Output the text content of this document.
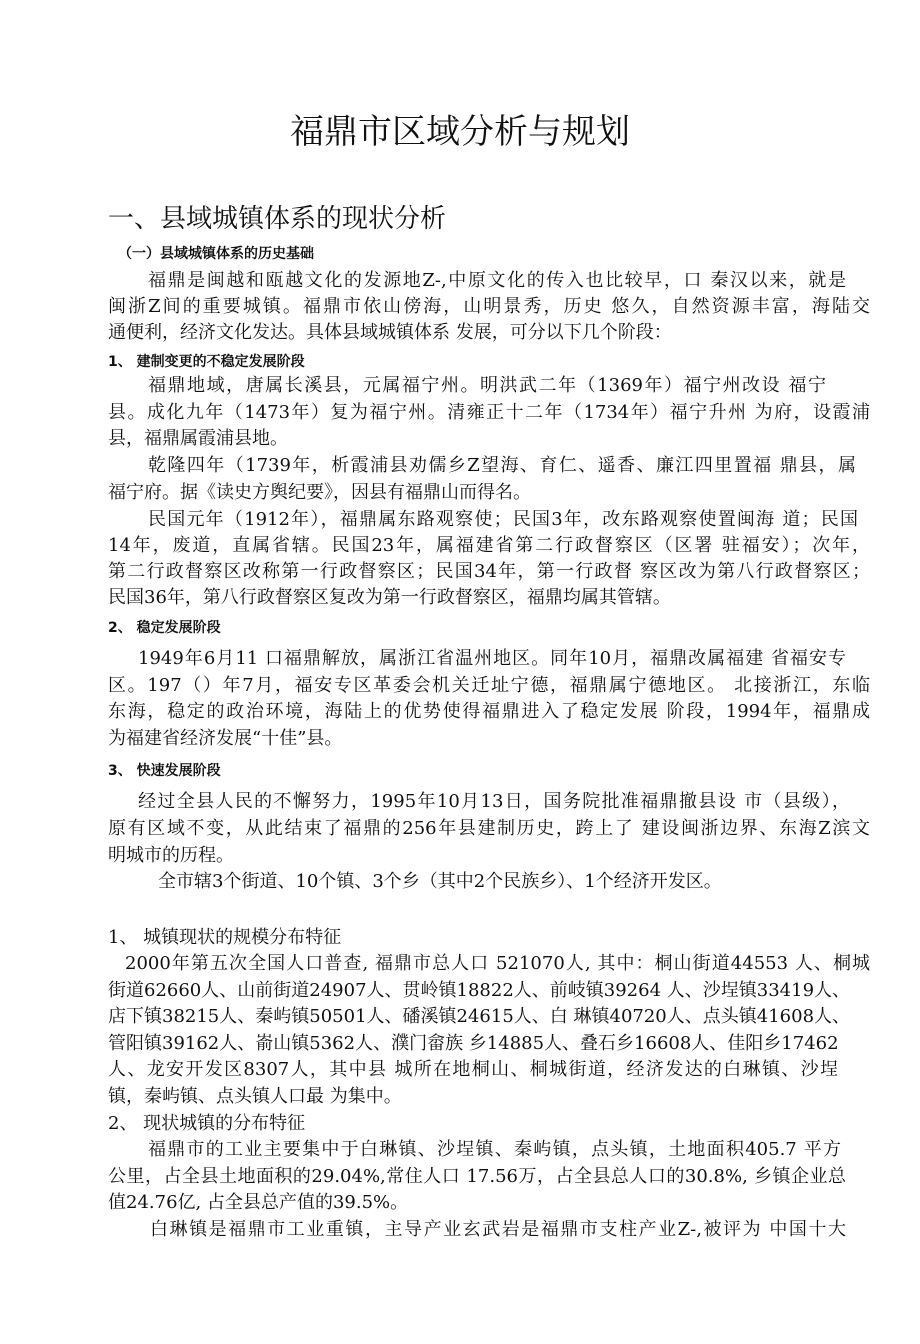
福鼎市区域分析与规划
一、县域城镇体系的现状分析
（一）县域城镇体系的历史基础
福鼎是闽越和瓯越文化的发源地Z-,中原文化的传入也比较早，口 秦汉以来，就是
闽浙Z间的重要城镇。福鼎市依山傍海，山明景秀，历史 悠久，自然资源丰富，海陆交
通便利，经济文化发达。具体县域城镇体系 发展，可分以下几个阶段：
1、 建制变更的不稳定发展阶段
福鼎地域，唐属长溪县，元属福宁州。明洪武二年（1369年）福宁州改设 福宁
县。成化九年（1473年）复为福宁州。清雍正十二年（1734年）福宁升州 为府，设霞浦
县，福鼎属霞浦县地。
乾隆四年（1739年，析霞浦县劝儒乡Z望海、育仁、遥香、廉江四里置福 鼎县，属
福宁府。据《读史方舆纪要》，因县有福鼎山而得名。
民国元年（1912年），福鼎属东路观察使；民国3年，改东路观察使置闽海 道；民国
14年，废道，直属省辖。民国23年，属福建省第二行政督察区（区署 驻福安）；次年，
第二行政督察区改称第一行政督察区；民国34年，第一行政督 察区改为第八行政督察区；
民国36年，第八行政督察区复改为第一行政督察区，福鼎均属其管辖。
2、 稳定发展阶段
1949年6月11 口福鼎解放，属浙江省温州地区。同年10月，福鼎改属福建 省福安专
区。197（）年7月，福安专区革委会机关迁址宁德，福鼎属宁德地区。 北接浙江，东临
东海，稳定的政治环境，海陆上的优势使得福鼎进入了稳定发展 阶段，1994年，福鼎成
为福建省经济发展“十佳”县。
3、 快速发展阶段
经过全县人民的不懈努力，1995年10月13日，国务院批准福鼎撤县设 市（县级），
原有区域不变，从此结束了福鼎的256年县建制历史，跨上了 建设闽浙边界、东海Z滨文
明城市的历程。
全市辖3个街道、10个镇、3个乡（其中2个民族乡）、1个经济开发区。
1、 城镇现状的规模分布特征
2000年第五次全国人口普查, 福鼎市总人口 521070人, 其中：桐山街道44553 人、桐城
街道62660人、山前街道24907人、贯岭镇18822人、前岐镇39264 人、沙埕镇33419人、
店下镇38215人、秦屿镇50501人、磻溪镇24615人、白 琳镇40720人、点头镇41608人、
管阳镇39162人、嵛山镇5362人、濮门畲族 乡14885人、叠石乡16608人、佳阳乡17462
人、龙安开发区8307人，其中县 城所在地桐山、桐城街道，经济发达的白琳镇、沙埕
镇，秦屿镇、点头镇人口最 为集中。
2、 现状城镇的分布特征
福鼎市的工业主要集中于白琳镇、沙埕镇、秦屿镇，点头镇，土地面积405.7 平方
公里，占全县土地面积的29.04%,常住人口 17.56万，占全县总人口的30.8%, 乡镇企业总
值24.76亿, 占全县总产值的39.5%。
白琳镇是福鼎市工业重镇，主导产业玄武岩是福鼎市支柱产业Z-,被评为 中国十大
